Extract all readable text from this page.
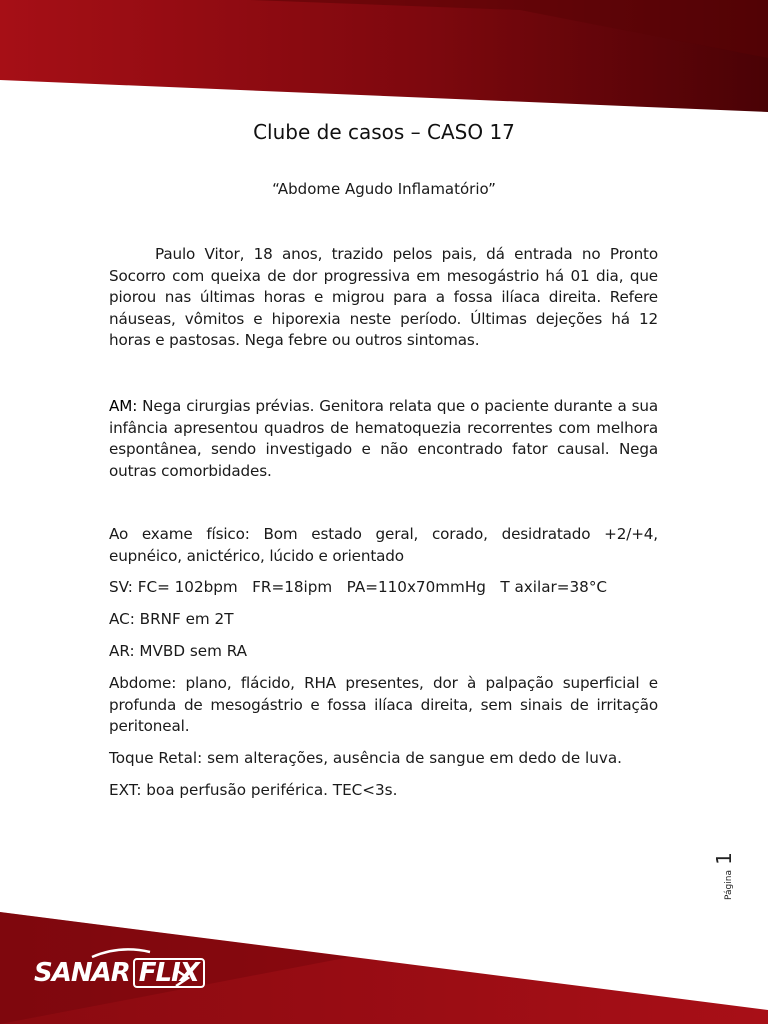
Clube de casos – CASO 17
“Abdome Agudo Inflamatório”
Paulo Vitor, 18 anos, trazido pelos pais, dá entrada no Pronto Socorro com queixa de dor progressiva em mesogástrio há 01 dia, que piorou nas últimas horas e migrou para a fossa ilíaca direita. Refere náuseas, vômitos e hiporexia neste período. Últimas dejeções há 12 horas e pastosas. Nega febre ou outros sintomas.
AM: Nega cirurgias prévias. Genitora relata que o paciente durante a sua infância apresentou quadros de hematoquezia recorrentes com melhora espontânea, sendo investigado e não encontrado fator causal. Nega outras comorbidades.
Ao exame físico: Bom estado geral, corado, desidratado +2/+4, eupnéico, anictérico, lúcido e orientado
SV: FC= 102bpm   FR=18ipm   PA=110x70mmHg   T axilar=38°C
AC: BRNF em 2T
AR: MVBD sem RA
Abdome: plano, flácido, RHA presentes, dor à palpação superficial e profunda de mesogástrio e fossa ilíaca direita, sem sinais de irritação peritoneal.
Toque Retal: sem alterações, ausência de sangue em dedo de luva.
EXT: boa perfusão periférica. TEC<3s.
Página 1
SANAR FLIX
